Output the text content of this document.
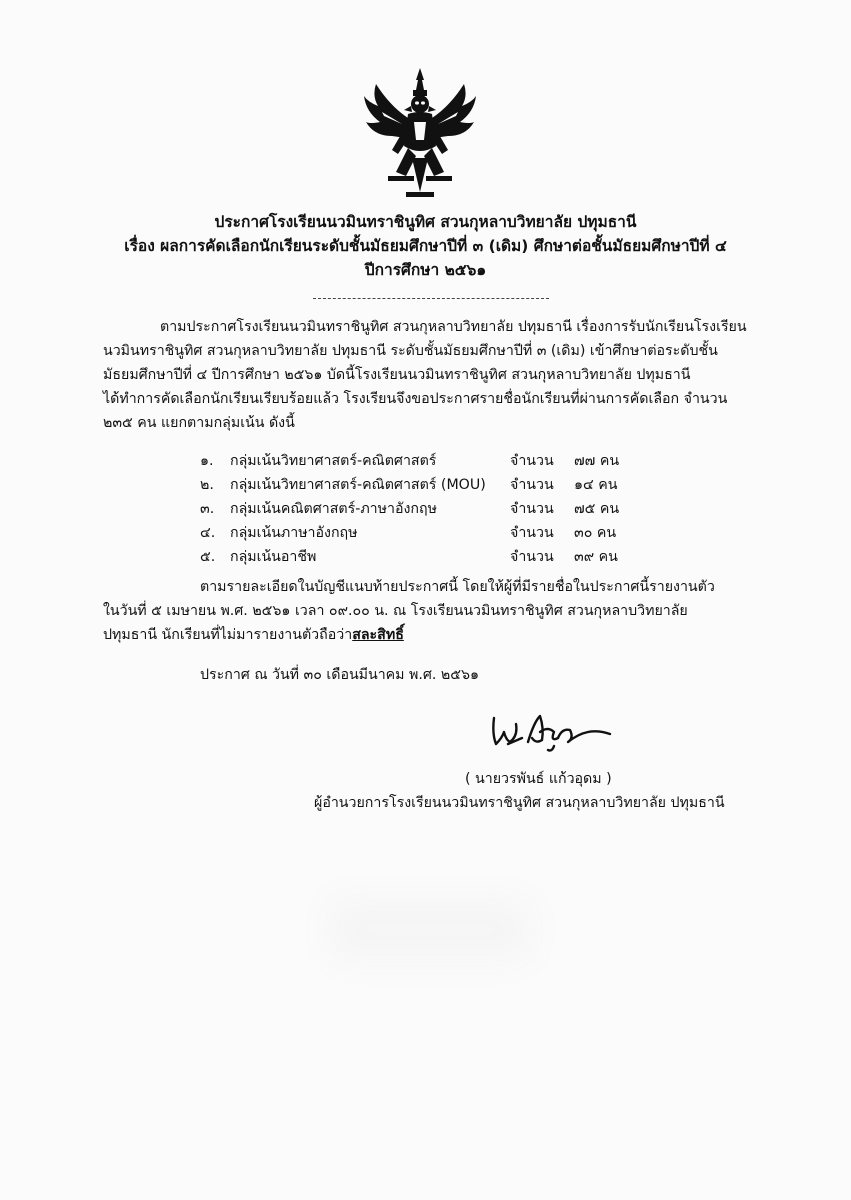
ประกาศโรงเรียนนวมินทราชินูทิศ สวนกุหลาบวิทยาลัย ปทุมธานี
เรื่อง ผลการคัดเลือกนักเรียนระดับชั้นมัธยมศึกษาปีที่ ๓ (เดิม) ศึกษาต่อชั้นมัธยมศึกษาปีที่ ๔
ปีการศึกษา ๒๕๖๑
ตามประกาศโรงเรียนนวมินทราชินูทิศ สวนกุหลาบวิทยาลัย ปทุมธานี เรื่องการรับนักเรียนโรงเรียน
นวมินทราชินูทิศ สวนกุหลาบวิทยาลัย ปทุมธานี ระดับชั้นมัธยมศึกษาปีที่ ๓ (เดิม) เข้าศึกษาต่อระดับชั้น
มัธยมศึกษาปีที่ ๔ ปีการศึกษา ๒๕๖๑ บัดนี้โรงเรียนนวมินทราชินูทิศ สวนกุหลาบวิทยาลัย ปทุมธานี
ได้ทำการคัดเลือกนักเรียนเรียบร้อยแล้ว โรงเรียนจึงขอประกาศรายชื่อนักเรียนที่ผ่านการคัดเลือก จำนวน
๒๓๕ คน แยกตามกลุ่มเน้น ดังนี้
๑.	กลุ่มเน้นวิทยาศาสตร์-คณิตศาสตร์	จำนวน ๗๗ คน
๒.	กลุ่มเน้นวิทยาศาสตร์-คณิตศาสตร์ (MOU) จำนวน ๑๔ คน
๓.	กลุ่มเน้นคณิตศาสตร์-ภาษาอังกฤษ	จำนวน ๗๕ คน
๔.	กลุ่มเน้นภาษาอังกฤษ	จำนวน ๓๐ คน
๕.	กลุ่มเน้นอาชีพ	จำนวน ๓๙ คน
ตามรายละเอียดในบัญชีแนบท้ายประกาศนี้ โดยให้ผู้ที่มีรายชื่อในประกาศนี้รายงานตัว
ในวันที่ ๕ เมษายน พ.ศ. ๒๕๖๑ เวลา ๐๙.๐๐ น. ณ โรงเรียนนวมินทราชินูทิศ สวนกุหลาบวิทยาลัย
ปทุมธานี นักเรียนที่ไม่มารายงานตัวถือว่าสละสิทธิ์
ประกาศ ณ วันที่ ๓๐ เดือนมีนาคม พ.ศ. ๒๕๖๑
( นายวรพันธ์ แก้วอุดม )
ผู้อำนวยการโรงเรียนนวมินทราชินูทิศ สวนกุหลาบวิทยาลัย ปทุมธานี
